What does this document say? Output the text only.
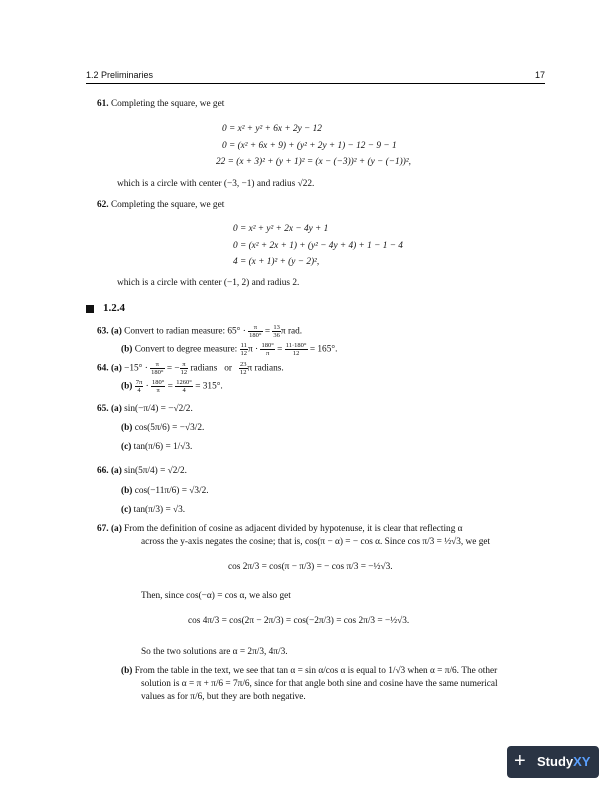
1.2 Preliminaries	17
61. Completing the square, we get
0 = x² + y² + 6x + 2y − 12
0 = (x² + 6x + 9) + (y² + 2y + 1) − 12 − 9 − 1
22 = (x + 3)² + (y + 1)² = (x − (−3))² + (y − (−1))²,
which is a circle with center (−3, −1) and radius √22.
62. Completing the square, we get
0 = x² + y² + 2x − 4y + 1
0 = (x² + 2x + 1) + (y² − 4y + 4) + 1 − 1 − 4
4 = (x + 1)² + (y − 2)²,
which is a circle with center (−1, 2) and radius 2.
1.2.4
63. (a) Convert to radian measure: $65^\circ \cdot \frac{\pi}{180^\circ} = \frac{13}{36}$ π rad.
(b) Convert to degree measure: $\frac{11}{12}$ $\pi \cdot \frac{180^\circ}{\pi} = \frac{11\cdot 180^\circ}{12} = 165^\circ$.
64. $(a) -15^\circ \cdot \frac{\pi}{180^\circ}$ = − $\frac{\pi}{12}$ radians   or $\frac{23}{12}$ π radians.
$(b) \frac{7\pi}{4} \cdot \frac{180^\circ}{\pi} = \frac{1260^\circ}{4} = 315^\circ$.
65. (a) sin(−π/4) = −√2/2.
(b) cos(5π/6) = −√3/2.
(c) tan(π/6) = 1/√3.
66. (a) sin(5π/4) = √2/2.
(b) cos(−11π/6) = √3/2.
(c) tan(π/3) = √3.
67. (a) From the definition of cosine as adjacent divided by hypotenuse, it is clear that reflecting α
across the y-axis negates the cosine; that is, cos(π − α) = − cos α. Since cos π/3 = ½√3, we get
cos 2π/3 = cos(π − π/3) = − cos π/3 = −½√3.
Then, since cos(−α) = cos α, we also get
cos 4π/3 = cos(2π − 2π/3) = cos(−2π/3) = cos 2π/3 = −½√3.
So the two solutions are α = 2π/3, 4π/3.
(b) From the table in the text, we see that tan α = sin α/cos α is equal to 1/√3 when α = π/6. The other
solution is α = π + π/6 = 7π/6, since for that angle both sine and cosine have the same numerical
values as for π/6, but they are both negative.
+ StudyXY
